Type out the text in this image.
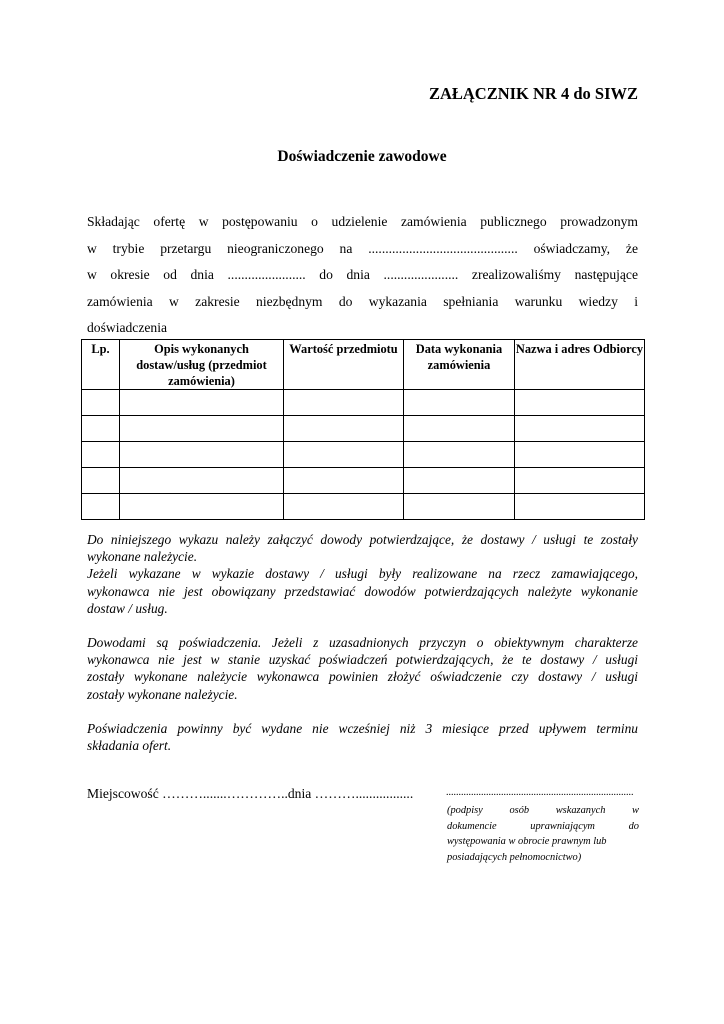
ZAŁĄCZNIK NR 4 do SIWZ
Doświadczenie zawodowe
Składając ofertę w postępowaniu o udzielenie zamówienia publicznego prowadzonym
w trybie przetargu nieograniczonego na ............................................ oświadczamy, że
w okresie od dnia ....................... do dnia ...................... zrealizowaliśmy następujące
zamówienia w zakresie niezbędnym do wykazania spełniania warunku wiedzy i
doświadczenia
Lp.	Opis wykonanych dostaw/usług (przedmiot zamówienia)	Wartość przedmiotu	Data wykonania zamówienia	Nazwa i adres Odbiorcy

Do niniejszego wykazu należy załączyć dowody potwierdzające, że dostawy / usługi te zostały
wykonane należycie.

Jeżeli wykazane w wykazie dostawy / usługi były realizowane na rzecz zamawiającego,
wykonawca nie jest obowiązany przedstawiać dowodów potwierdzających należyte wykonanie
dostaw / usług.

Dowodami są poświadczenia. Jeżeli z uzasadnionych przyczyn o obiektywnym charakterze
wykonawca nie jest w stanie uzyskać poświadczeń potwierdzających, że te dostawy / usługi
zostały wykonane należycie wykonawca powinien złożyć oświadczenie czy dostawy / usługi
zostały wykonane należycie.

Poświadczenia powinny być wydane nie wcześniej niż 3 miesiące przed upływem terminu
składania ofert.

Miejscowość ……….......…………..dnia ……….................	...........................................................................
(podpisy osób wskazanych w
dokumencie uprawniającym do
występowania w obrocie prawnym lub
posiadających pełnomocnictwo)
